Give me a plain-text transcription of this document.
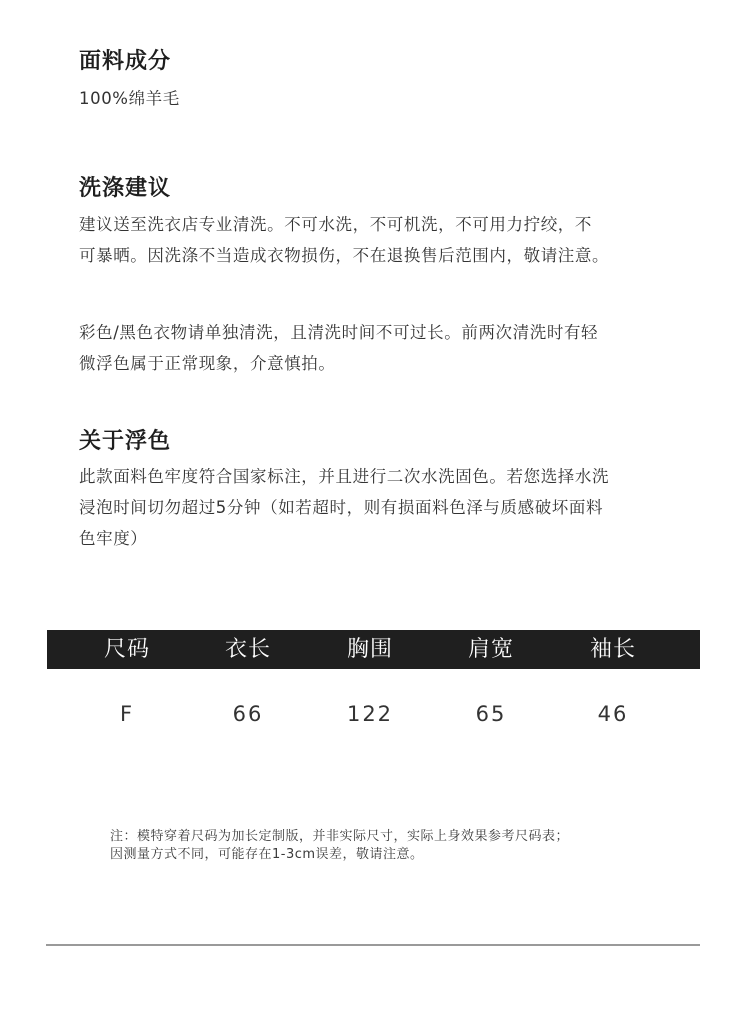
面料成分
100%绵羊毛
洗涤建议
建议送至洗衣店专业清洗。不可水洗，不可机洗，不可用力拧绞，不
可暴晒。因洗涤不当造成衣物损伤，不在退换售后范围内，敬请注意。
彩色/黑色衣物请单独清洗，且清洗时间不可过长。前两次清洗时有轻
微浮色属于正常现象，介意慎拍。
关于浮色
此款面料色牢度符合国家标注，并且进行二次水洗固色。若您选择水洗
浸泡时间切勿超过5分钟（如若超时，则有损面料色泽与质感破坏面料
色牢度）
尺码	衣长	胸围	肩宽	袖长
F	66	122	65	46
注：模特穿着尺码为加长定制版，并非实际尺寸，实际上身效果参考尺码表；
因测量方式不同，可能存在1-3cm误差，敬请注意。
